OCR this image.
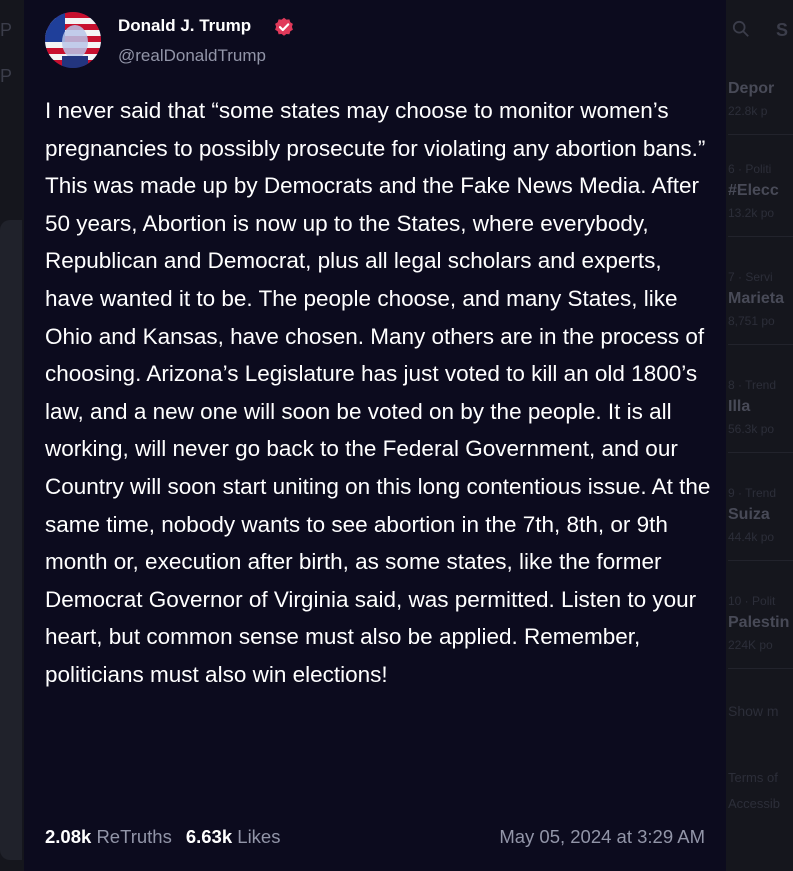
P
P
S
Depor
22.8k p
6 · Politi
#Elecc
13.2k po
7 · Servi
Marieta
8,751 po
8 · Trend
Illa
56.3k po
9 · Trend
Suiza
44.4k po
10 · Polit
Palestin
224K po
Show m
Terms of
Accessib
Donald J. Trump
@realDonaldTrump

I never said that “some states may choose to monitor women’s pregnancies to possibly prosecute for violating any abortion bans.” This was made up by Democrats and the Fake News Media. After 50 years, Abortion is now up to the States, where everybody, Republican and Democrat, plus all legal scholars and experts, have wanted it to be. The people choose, and many States, like Ohio and Kansas, have chosen. Many others are in the process of choosing. Arizona’s Legislature has just voted to kill an old 1800’s law, and a new one will soon be voted on by the people. It is all working, will never go back to the Federal Government, and our Country will soon start uniting on this long contentious issue. At the same time, nobody wants to see abortion in the 7th, 8th, or 9th month or, execution after birth, as some states, like the former Democrat Governor of Virginia said, was permitted. Listen to your heart, but common sense must also be applied. Remember, politicians must also win elections!

2.08k ReTruths 6.63k Likes	May 05, 2024 at 3:29 AM
